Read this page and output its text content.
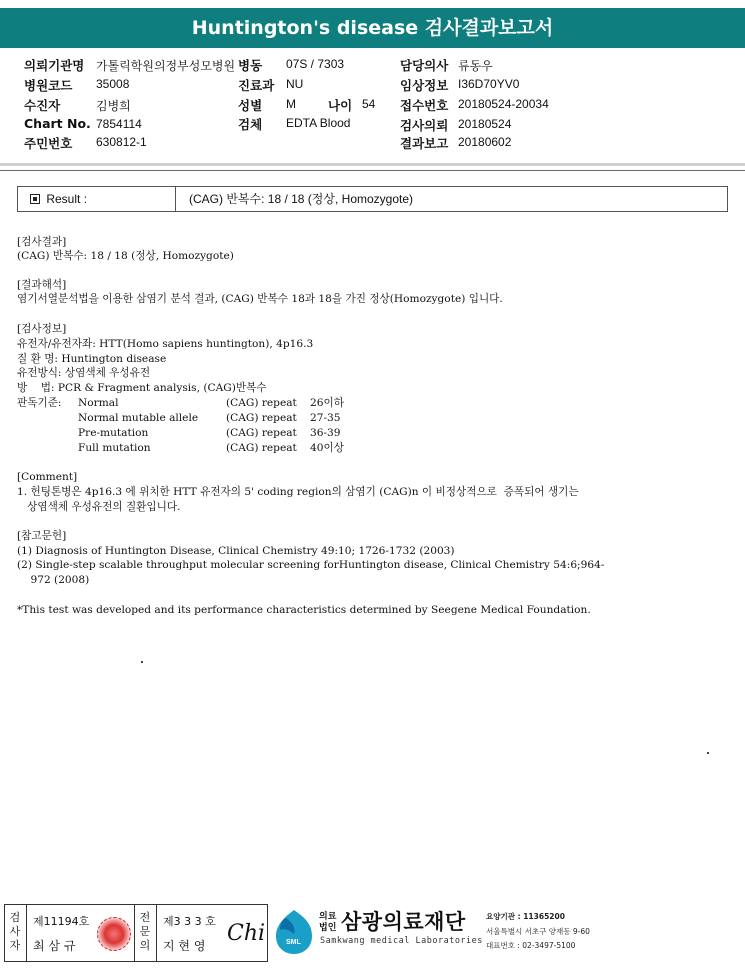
Huntington's disease 검사결과보고서
의뢰기관명 가톨릭학원의정부성모병원 병동 07S / 7303	담당의사 류동우
병원코드 35008	진료과 NU	임상정보 I36D70YV0
수진자	김병희	성별 M	나이 54 접수번호 20180524-20034
Chart No. 7854114	검체 EDTA Blood	검사의뢰 20180524
주민번호 630812-1	결과보고 20180602
Result :	(CAG) 반복수: 18 / 18 (정상, Homozygote)
[검사결과]
(CAG) 반복수: 18 / 18 (정상, Homozygote)
[결과해석]
염기서열분석법을 이용한 삼염기 분석 결과, (CAG) 반복수 18과 18을 가진 정상(Homozygote) 입니다.
[검사정보]
유전자/유전자좌: HTT(Homo sapiens huntington), 4p16.3
질 환 명: Huntington disease
유전방식: 상염색체 우성유전
방    법: PCR & Fragment analysis, (CAG)반복수
판독기준: Normal	(CAG) repeat 26이하
Normal mutable allele	(CAG) repeat 27-35
Pre-mutation	(CAG) repeat 36-39
Full mutation	(CAG) repeat 40이상
[Comment]
1. 헌팅톤병은 4p16.3 에 위치한 HTT 유전자의 5' coding region의 삼염기 (CAG)n 이 비정상적으로  증폭되어 생기는
상염색체 우성유전의 질환입니다.
[참고문헌]
(1) Diagnosis of Huntington Disease, Clinical Chemistry 49:10; 1726-1732 (2003)
(2) Single-step scalable throughput molecular screening forHuntington disease, Clinical Chemistry 54:6;964-
972 (2008)
*This test was developed and its performance characteristics determined by Seegene Medical Foundation.
검사자
제11194호
최 삼 규
전문의
제3 3 3 호
지 현 영 Chi	SML
의료
법인 삼광의료재단
Samkwang medical Laboratories
요양기관 : 11365200
서울특별시 서초구 양재동 9-60
대표번호 : 02-3497-5100
